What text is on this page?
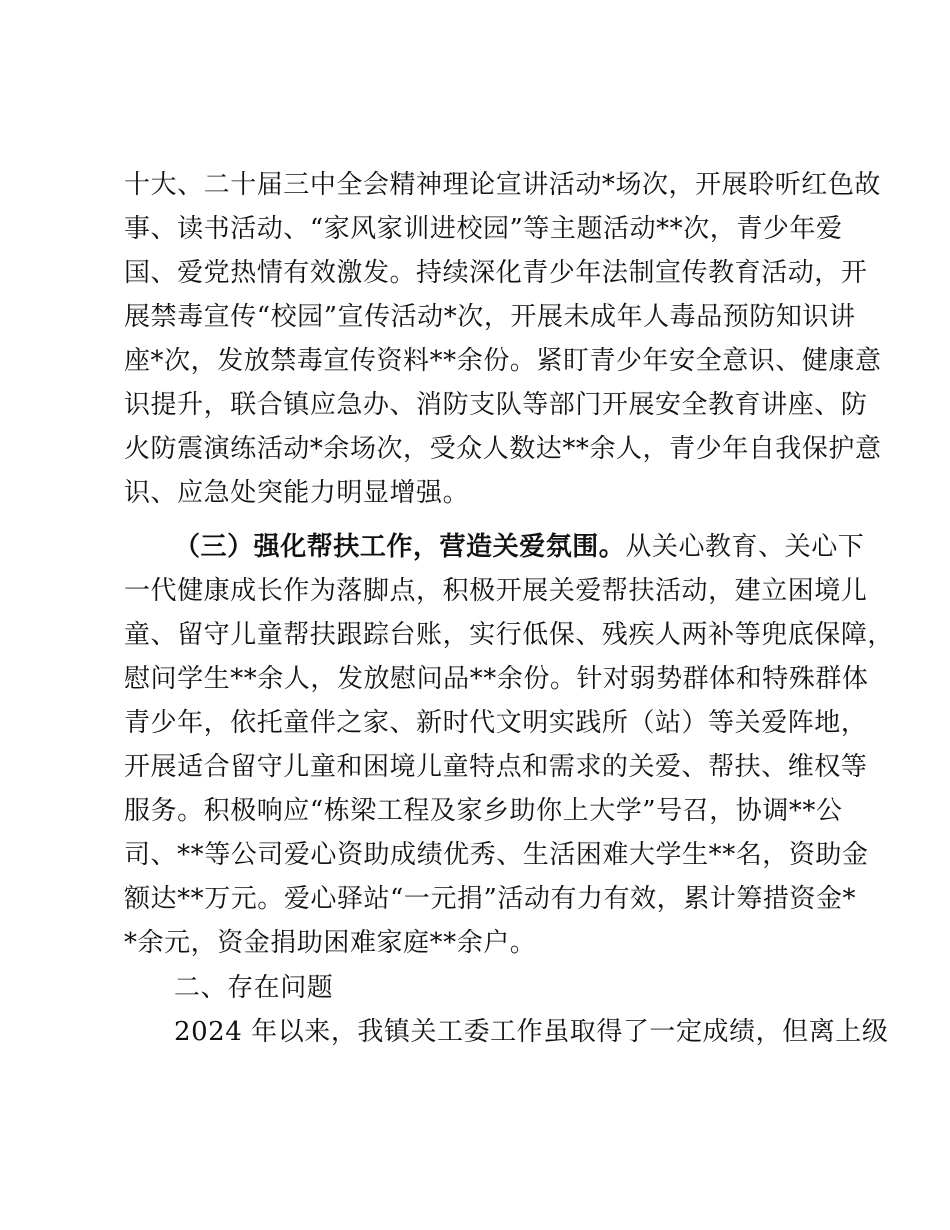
十大、二十届三中全会精神理论宣讲活动*场次，开展聆听红色故
事、读书活动、“家风家训进校园”等主题活动**次，青少年爱
国、爱党热情有效激发。持续深化青少年法制宣传教育活动，开
展禁毒宣传“校园”宣传活动*次，开展未成年人毒品预防知识讲
座*次，发放禁毒宣传资料**余份。紧盯青少年安全意识、健康意
识提升，联合镇应急办、消防支队等部门开展安全教育讲座、防
火防震演练活动*余场次，受众人数达**余人，青少年自我保护意
识、应急处突能力明显增强。
（三）强化帮扶工作，营造关爱氛围。从关心教育、关心下
一代健康成长作为落脚点，积极开展关爱帮扶活动，建立困境儿
童、留守儿童帮扶跟踪台账，实行低保、残疾人两补等兜底保障，
慰问学生**余人，发放慰问品**余份。针对弱势群体和特殊群体
青少年，依托童伴之家、新时代文明实践所（站）等关爱阵地，
开展适合留守儿童和困境儿童特点和需求的关爱、帮扶、维权等
服务。积极响应“栋梁工程及家乡助你上大学”号召，协调**公
司、**等公司爱心资助成绩优秀、生活困难大学生**名，资助金
额达**万元。爱心驿站“一元捐”活动有力有效，累计筹措资金*
*余元，资金捐助困难家庭**余户。
二、存在问题
2024 年以来，我镇关工委工作虽取得了一定成绩，但离上级
